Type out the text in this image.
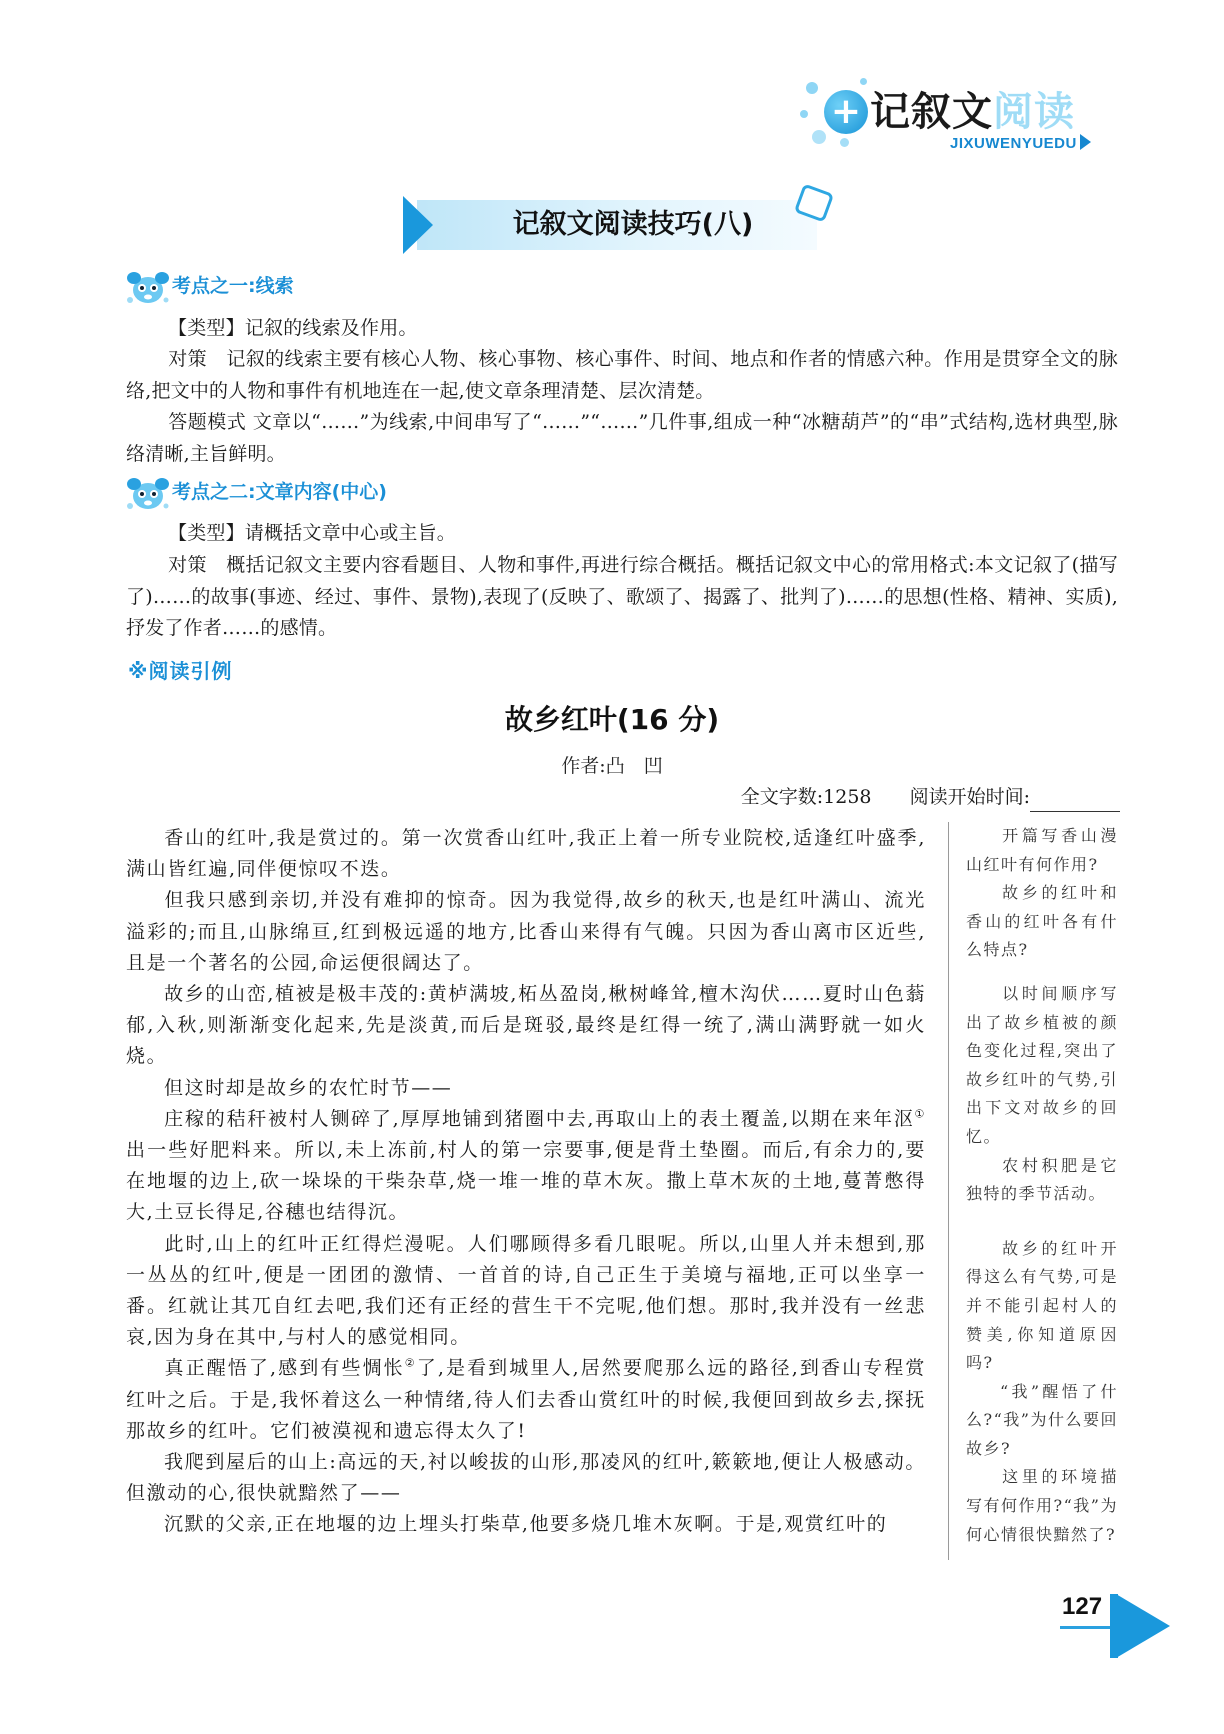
+ 记叙文阅读
JIXUWENYUEDU
记叙文阅读技巧(八)
考点之一:线索

【类型】记叙的线索及作用。

对策　记叙的线索主要有核心人物、核心事物、核心事件、时间、地点和作者的情感六种。作用是贯穿全文的脉络,把文中的人物和事件有机地连在一起,使文章条理清楚、层次清楚。

答题模式 文章以“……”为线索,中间串写了“……”“……”几件事,组成一种“冰糖葫芦”的“串”式结构,选材典型,脉络清晰,主旨鲜明。

考点之二:文章内容(中心)

【类型】请概括文章中心或主旨。

对策　概括记叙文主要内容看题目、人物和事件,再进行综合概括。概括记叙文中心的常用格式:本文记叙了(描写了)……的故事(事迹、经过、事件、景物),表现了(反映了、歌颂了、揭露了、批判了)……的思想(性格、精神、实质),抒发了作者……的感情。

※阅读引例
故乡红叶(16 分)
作者:凸　凹
全文字数:1258 阅读开始时间:

香山的红叶,我是赏过的。第一次赏香山红叶,我正上着一所专业院校,适逢红叶盛季,满山皆红遍,同伴便惊叹不迭。

但我只感到亲切,并没有难抑的惊奇。因为我觉得,故乡的秋天,也是红叶满山、流光溢彩的;而且,山脉绵亘,红到极远遥的地方,比香山来得有气魄。只因为香山离市区近些,且是一个著名的公园,命运便很阔达了。

故乡的山峦,植被是极丰茂的:黄栌满坡,柘丛盈岗,楸树峰耸,檀木沟伏……夏时山色蓊郁,入秋,则渐渐变化起来,先是淡黄,而后是斑驳,最终是红得一统了,满山满野就一如火烧。

但这时却是故乡的农忙时节——

庄稼的秸秆被村人铡碎了,厚厚地铺到猪圈中去,再取山上的表土覆盖,以期在来年沤①出一些好肥料来。所以,未上冻前,村人的第一宗要事,便是背土垫圈。而后,有余力的,要在地堰的边上,砍一垛垛的干柴杂草,烧一堆一堆的草木灰。撒上草木灰的土地,蔓菁憋得大,土豆长得足,谷穗也结得沉。

此时,山上的红叶正红得烂漫呢。人们哪顾得多看几眼呢。所以,山里人并未想到,那一丛丛的红叶,便是一团团的激情、一首首的诗,自己正生于美境与福地,正可以坐享一番。红就让其兀自红去吧,我们还有正经的营生干不完呢,他们想。那时,我并没有一丝悲哀,因为身在其中,与村人的感觉相同。

真正醒悟了,感到有些惆怅②了,是看到城里人,居然要爬那么远的路径,到香山专程赏红叶之后。于是,我怀着这么一种情绪,待人们去香山赏红叶的时候,我便回到故乡去,探抚那故乡的红叶。它们被漠视和遗忘得太久了!

我爬到屋后的山上:高远的天,衬以峻拔的山形,那凌风的红叶,簌簌地,便让人极感动。但激动的心,很快就黯然了——

沉默的父亲,正在地堰的边上埋头打柴草,他要多烧几堆木灰啊。于是,观赏红叶的

开篇写香山漫山红叶有何作用?

故乡的红叶和香山的红叶各有什么特点?

以时间顺序写出了故乡植被的颜色变化过程,突出了故乡红叶的气势,引出下文对故乡的回忆。

农村积肥是它独特的季节活动。

故乡的红叶开得这么有气势,可是并不能引起村人的赞美,你知道原因吗?

“我”醒悟了什么?“我”为什么要回故乡?

这里的环境描写有何作用?“我”为何心情很快黯然了?

127
